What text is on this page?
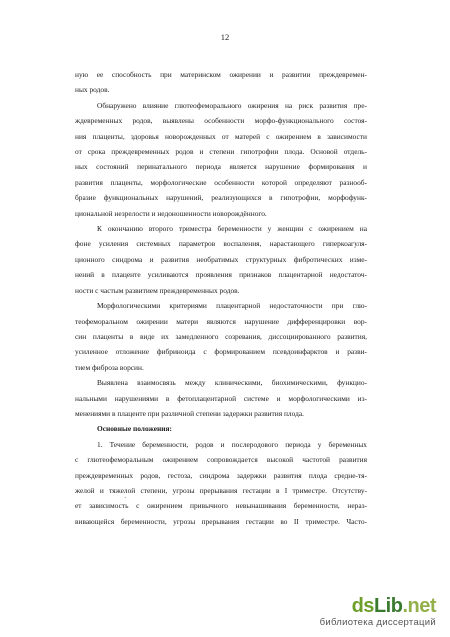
12
ную ее способность при материнском ожирении и развитии преждевремен-
ных родов.
Обнаружено влияние глютеофеморального ожирения на риск развития пре-
ждевременных родов, выявлены особенности морфо-функционального состоя-
ния плаценты, здоровья новорожденных от матерей с ожирением в зависимости
от срока преждевременных родов и степени гипотрофии плода. Основой отдель-
ных состояний перинатального периода является нарушение формирования и
развития плаценты, морфологические особенности которой определяют разнооб-
бразие функциональных нарушений, реализующихся в гипотрофии, морфофунк-
циональной незрелости и недоношенности новорождённого.
К окончанию второго триместра беременности у женщин с ожирением на
фоне усиления системных параметров воспаления, нарастающего гиперкоагуля-
ционного синдрома и развития необратимых структурных фибротических изме-
нений в плаценте усиливаются проявления признаков плацентарной недостаточ-
ности с частым развитием преждевременных родов.
Морфологическими критериями плацентарной недостаточности при глю-
теофеморальном ожирении матери являются нарушение дифференцировки вор-
син плаценты в виде их замедленного созревания, диссоциированного развития,
усиленное отложение фибриноида с формированием псевдоинфарктов и разви-
тием фиброза ворсин.
Выявлена взаимосвязь между клиническими, биохимическими, функцио-
нальными нарушениями в фетоплацентарной системе и морфологическими из-
менениями в плаценте при различной степени задержки развития плода.
Основные положения:
1. Течение беременности, родов и послеродового периода у беременных
с глютеофеморальным ожирением сопровождается высокой частотой развития
преждевременных родов, гестоза, синдрома задержки развития плода средне-тя-
желой и тяжелой степени, угрозы прерывания гестации в I триместре. Отсутству-
ет зависимость с ожирением привычного невынашивания беременности, нераз-
вивающейся беременности, угрозы прерывания гестации во II триместре. Часто-
·
dsLib.net
библиотека диссертаций
